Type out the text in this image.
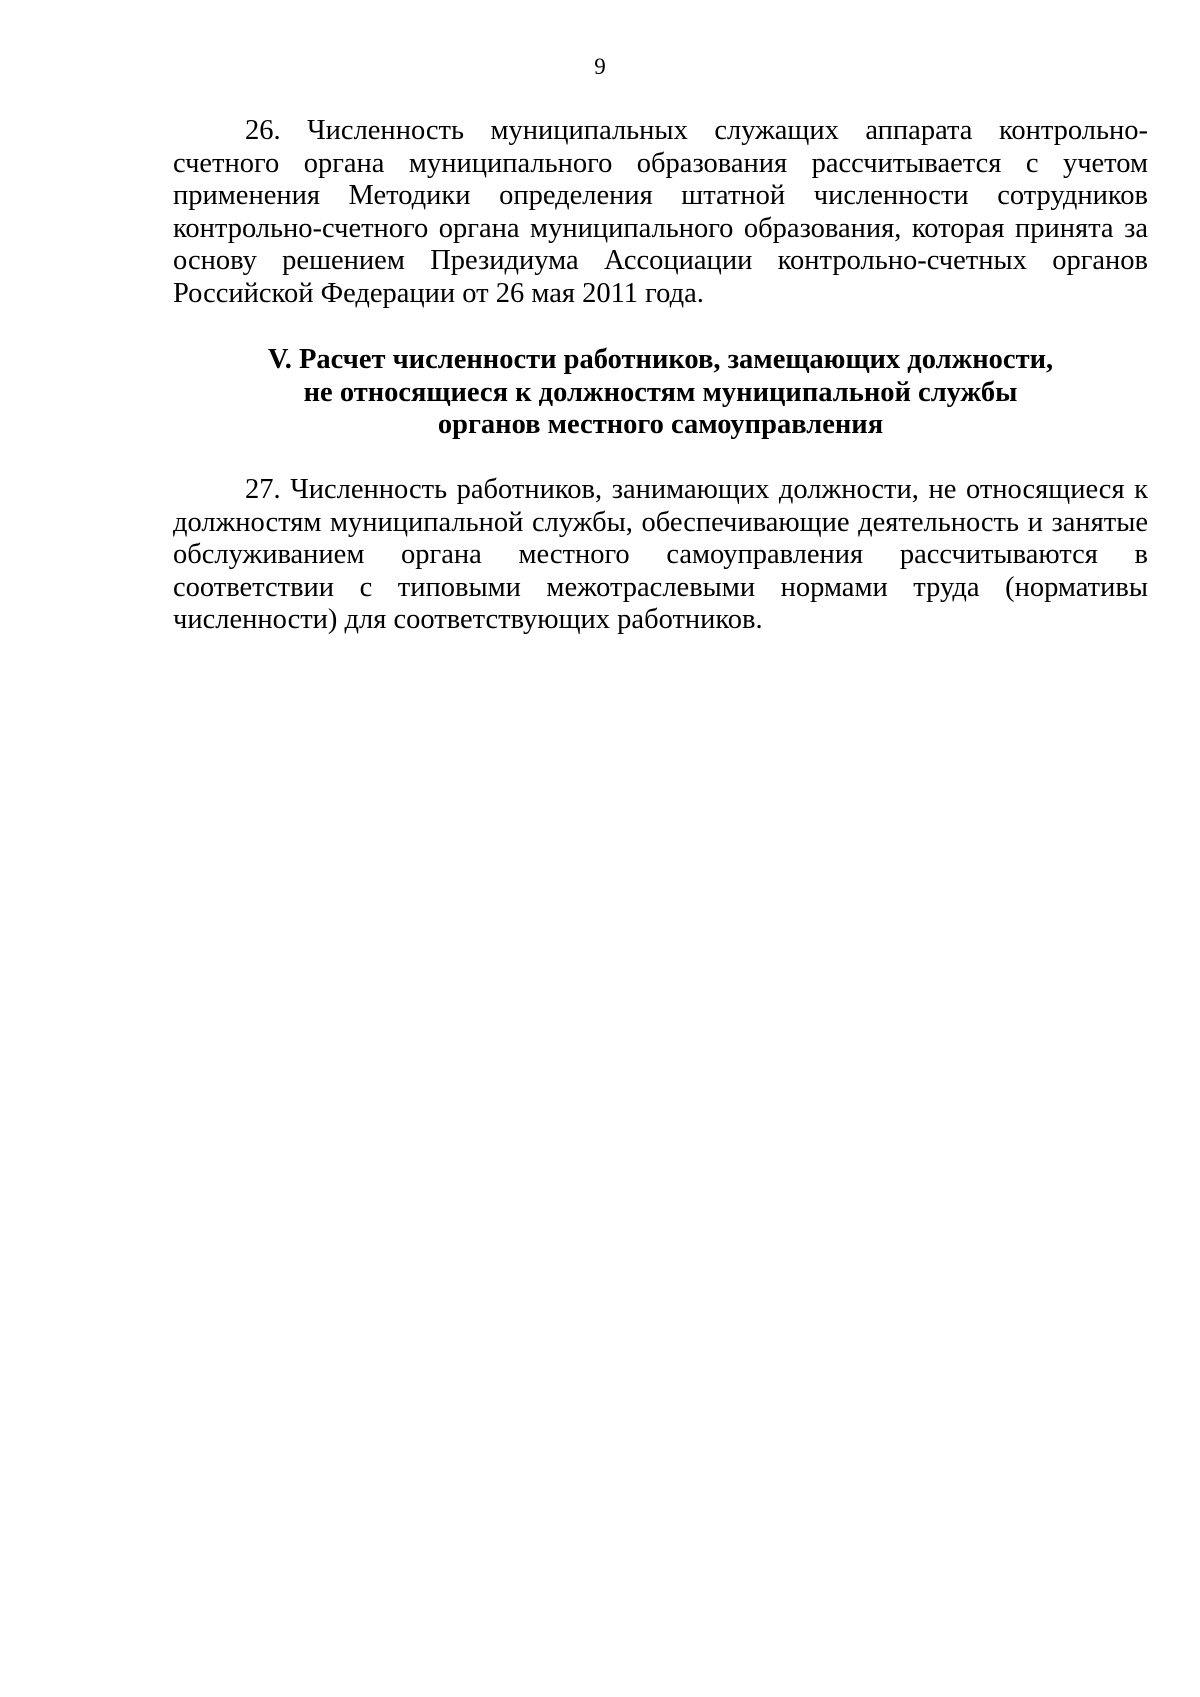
9

26. Численность муниципальных служащих аппарата контрольно-счетного органа муниципального образования рассчитывается с учетом применения Методики определения штатной численности сотрудников контрольно-счетного органа муниципального образования, которая принята за основу решением Президиума Ассоциации контрольно-счетных органов Российской Федерации от 26 мая 2011 года.

V. Расчет численности работников, замещающих должности,
не относящиеся к должностям муниципальной службы
органов местного самоуправления

27. Численность работников, занимающих должности, не относящиеся к должностям муниципальной службы, обеспечивающие деятельность и занятые обслуживанием органа местного самоуправления рассчитываются в соответствии с типовыми межотраслевыми нормами труда (нормативы численности) для соответствующих работников.
